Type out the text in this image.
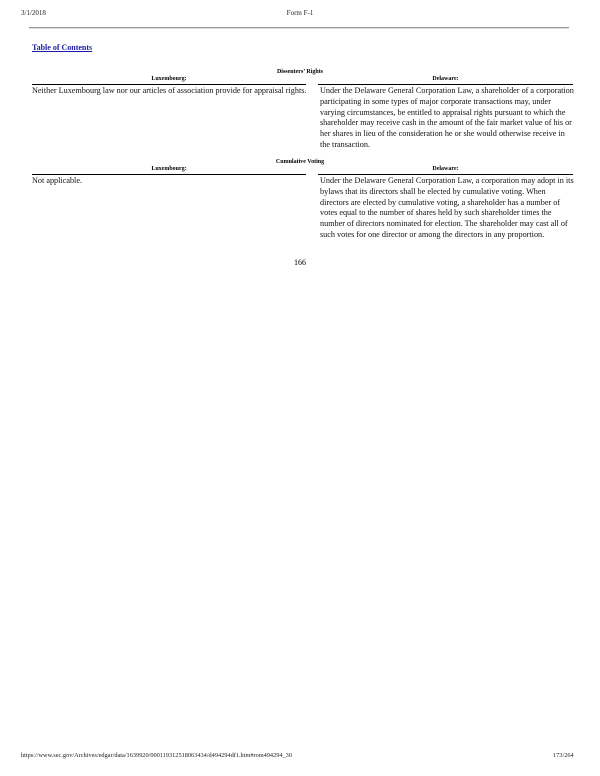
3/1/2018	Form F-1
Table of Contents
Dissenters’ Rights
Luxembourg:	Delaware:
Neither Luxembourg law nor our articles of association provide for appraisal rights.	Under the Delaware General Corporation Law, a shareholder of a corporation participating in some types of major corporate transactions may, under varying circumstances, be entitled to appraisal rights pursuant to which the shareholder may receive cash in the amount of the fair market value of his or her shares in lieu of the consideration he or she would otherwise receive in the transaction.
Cumulative Voting
Luxembourg:	Delaware:
Not applicable.	Under the Delaware General Corporation Law, a corporation may adopt in its bylaws that its directors shall be elected by cumulative voting. When directors are elected by cumulative voting, a shareholder has a number of votes equal to the number of shares held by such shareholder times the number of directors nominated for election. The shareholder may cast all of such votes for one director or among the directors in any proportion.
166
https://www.sec.gov/Archives/edgar/data/1639920/000119312518063434/d494294df1.htm#rom494294_30	173/264
